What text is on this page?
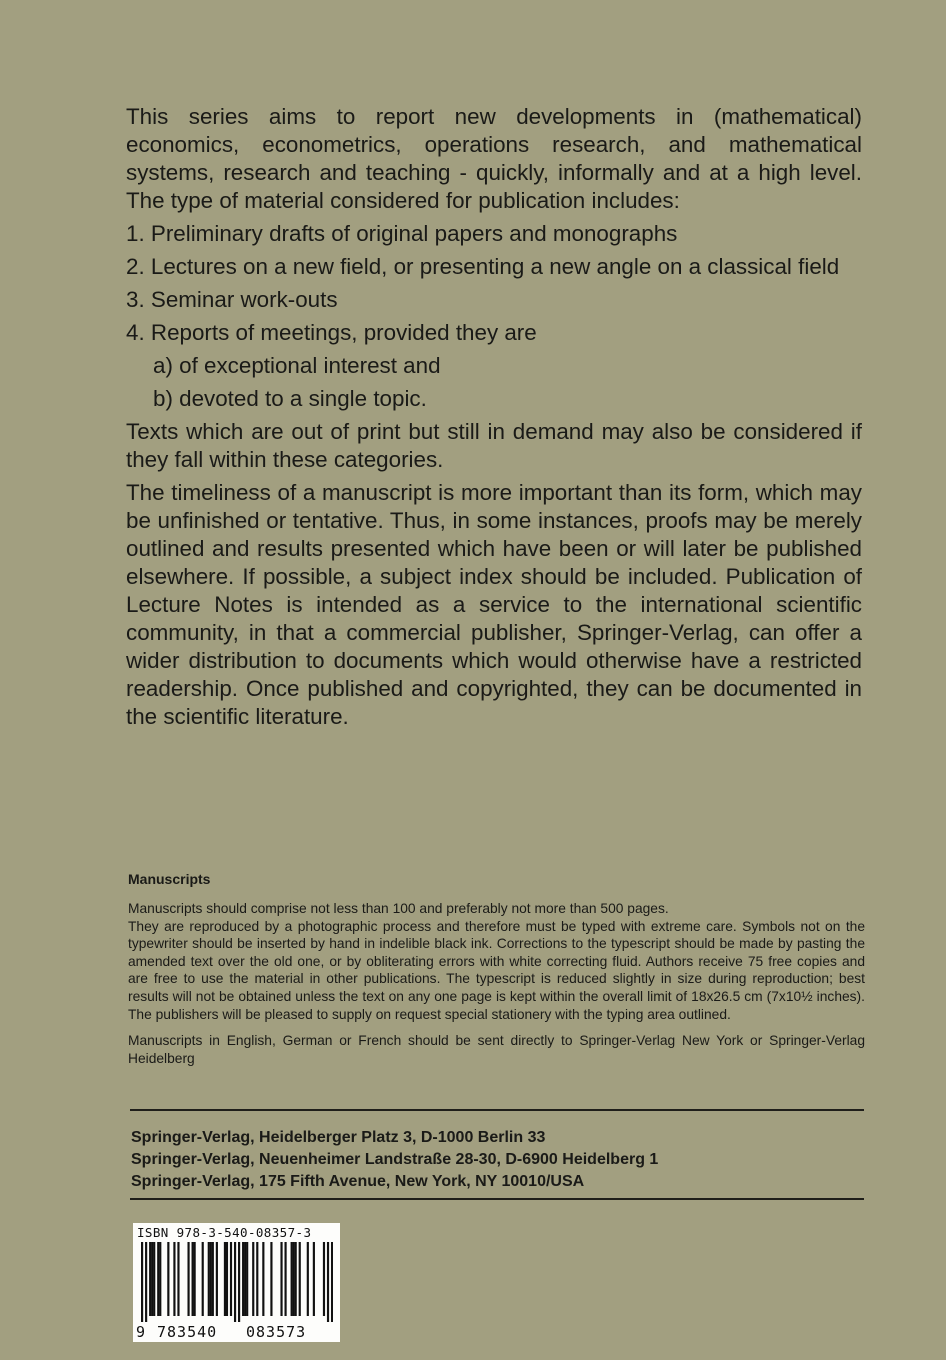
This series aims to report new developments in (mathematical) economics, econometrics, operations research, and mathematical systems, research and teaching - quickly, informally and at a high level. The type of material considered for publication includes:

1. Preliminary drafts of original papers and monographs

2. Lectures on a new field, or presenting a new angle on a classical field

3. Seminar work-outs

4. Reports of meetings, provided they are

a) of exceptional interest and

b) devoted to a single topic.

Texts which are out of print but still in demand may also be considered if they fall within these categories.

The timeliness of a manuscript is more important than its form, which may be unfinished or tentative. Thus, in some instances, proofs may be merely outlined and results presented which have been or will later be published elsewhere. If possible, a subject index should be included. Publication of Lecture Notes is intended as a service to the international scientific community, in that a commercial publisher, Springer-Verlag, can offer a wider distribution to documents which would otherwise have a restricted readership. Once published and copyrighted, they can be documented in the scientific literature.

Manuscripts

Manuscripts should comprise not less than 100 and preferably not more than 500 pages.

They are reproduced by a photographic process and therefore must be typed with extreme care. Symbols not on the typewriter should be inserted by hand in indelible black ink. Corrections to the typescript should be made by pasting the amended text over the old one, or by obliterating errors with white correcting fluid. Authors receive 75 free copies and are free to use the material in other publications. The typescript is reduced slightly in size during reproduction; best results will not be obtained unless the text on any one page is kept within the overall limit of 18x26.5 cm (7x10½ inches). The publishers will be pleased to supply on request special stationery with the typing area outlined.

Manuscripts in English, German or French should be sent directly to Springer-Verlag New York or Springer-Verlag Heidelberg

Springer-Verlag, Heidelberger Platz 3, D-1000 Berlin 33
Springer-Verlag, Neuenheimer Landstraße 28-30, D-6900 Heidelberg 1
Springer-Verlag, 175 Fifth Avenue, New York, NY 10010/USA
ISBN 978-3-540-08357-3
9 783540 083573
